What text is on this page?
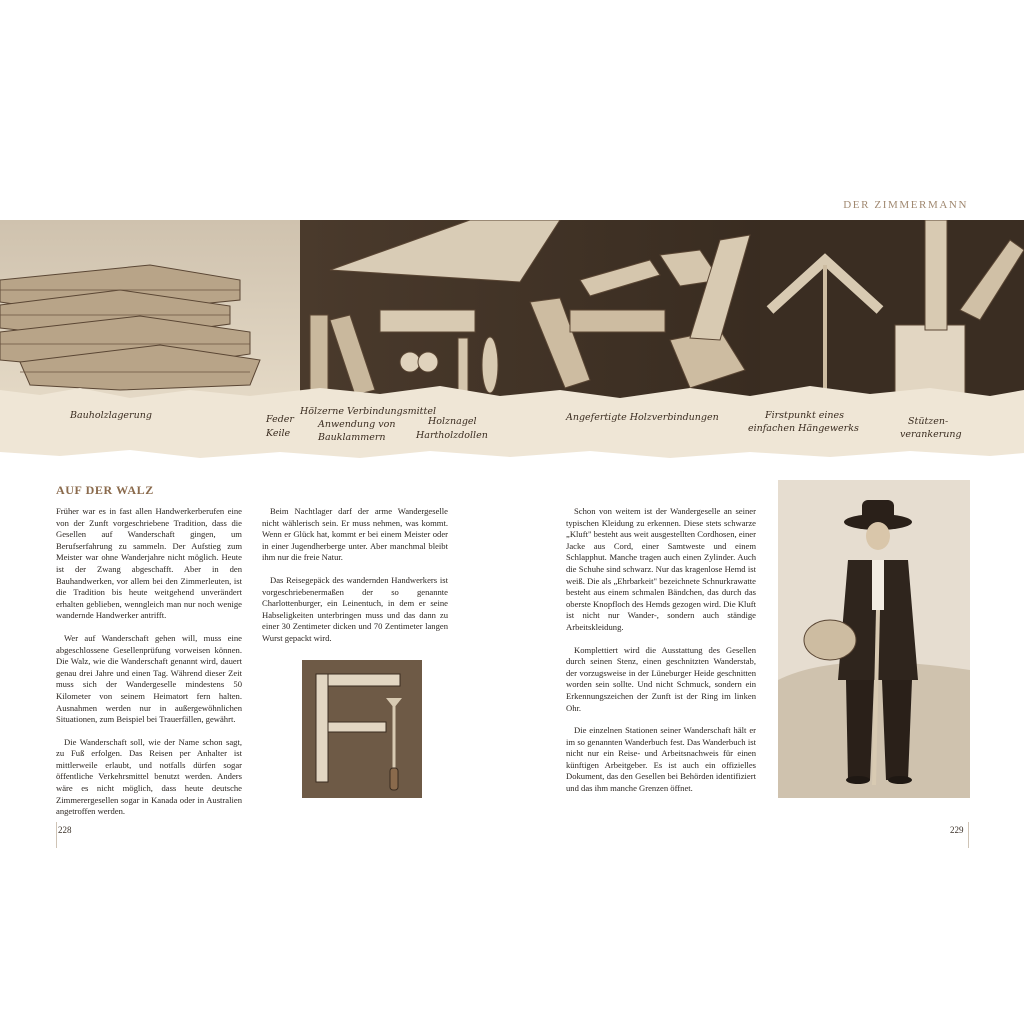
DER ZIMMERMANN
Bauholzlagerung	Feder
Keile
Hölzerne Verbindungsmittel
Anwendung von
Bauklammern
Holznagel
Hartholzdollen
Angefertigte Holzverbindungen	Firstpunkt eines
einfachen Hängewerks
Stützen-
verankerung
AUF DER WALZ

Früher war es in fast allen Handwerkerberufen eine von der Zunft vorgeschriebene Tradition, dass die Gesellen auf Wanderschaft gingen, um Berufserfahrung zu sammeln. Der Aufstieg zum Meister war ohne Wanderjahre nicht möglich. Heute ist der Zwang abgeschafft. Aber in den Bauhandwerken, vor allem bei den Zimmerleuten, ist die Tradition bis heute weitgehend unverändert erhalten geblieben, wenngleich man nur noch wenige wandernde Handwerker antrifft.

Wer auf Wanderschaft gehen will, muss eine abgeschlossene Gesellenprüfung vorweisen können. Die Walz, wie die Wanderschaft genannt wird, dauert genau drei Jahre und einen Tag. Während dieser Zeit muss sich der Wandergeselle mindestens 50 Kilometer von seinem Heimatort fern halten. Ausnahmen werden nur in außergewöhnlichen Situationen, zum Beispiel bei Trauerfällen, gewährt.

Die Wanderschaft soll, wie der Name schon sagt, zu Fuß erfolgen. Das Reisen per Anhalter ist mittlerweile erlaubt, und notfalls dürfen sogar öffentliche Verkehrsmittel benutzt werden. Anders wäre es nicht möglich, dass heute deutsche Zimmerergesellen sogar in Kanada oder in Australien angetroffen werden.

Beim Nachtlager darf der arme Wandergeselle nicht wählerisch sein. Er muss nehmen, was kommt. Wenn er Glück hat, kommt er bei einem Meister oder in einer Jugendherberge unter. Aber manchmal bleibt ihm nur die freie Natur.

Das Reisegepäck des wandernden Handwerkers ist vorgeschriebenermaßen der so genannte Charlottenburger, ein Leinentuch, in dem er seine Habseligkeiten unterbringen muss und das dann zu einer 30 Zentimeter dicken und 70 Zentimeter langen Wurst gepackt wird.

Schon von weitem ist der Wandergeselle an seiner typischen Kleidung zu erkennen. Diese stets schwarze „Kluft" besteht aus weit ausgestellten Cordhosen, einer Jacke aus Cord, einer Samtweste und einem Schlapphut. Manche tragen auch einen Zylinder. Auch die Schuhe sind schwarz. Nur das kragenlose Hemd ist weiß. Die als „Ehrbarkeit" bezeichnete Schnurkrawatte besteht aus einem schmalen Bändchen, das durch das oberste Knopfloch des Hemds gezogen wird. Die Kluft ist nicht nur Wander-, sondern auch ständige Arbeitskleidung.

Komplettiert wird die Ausstattung des Gesellen durch seinen Stenz, einen geschnitzten Wanderstab, der vorzugsweise in der Lüneburger Heide geschnitten worden sein sollte. Und nicht Schmuck, sondern ein Erkennungszeichen der Zunft ist der Ring im linken Ohr.

Die einzelnen Stationen seiner Wanderschaft hält er im so genannten Wanderbuch fest. Das Wanderbuch ist nicht nur ein Reise- und Arbeitsnachweis für einen künftigen Arbeitgeber. Es ist auch ein offizielles Dokument, das den Gesellen bei Behörden identifiziert und das ihm manche Grenzen öffnet.

228	229
